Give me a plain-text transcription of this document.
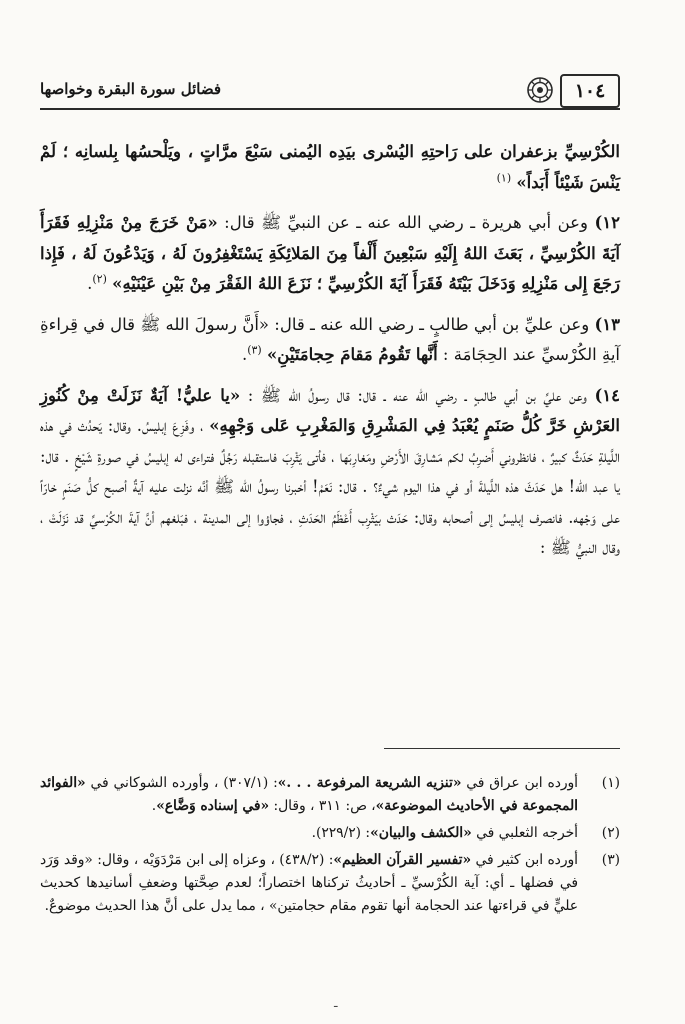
١٠٤
فضائل سورة البقرة وخواصها

الكُرْسِيِّ بزعفران على رَاحتِهِ اليُسْرى بيَدِه اليُمنى سَبْعَ مرَّاتٍ ، ويَلْحسُها بِلسانِه ؛ لَمْ يَنْسَ شَيْئاً أَبَداً» $^{(١)}$

١٢) وعن أبي هريرة ـ رضي الله عنه ـ عن النبيِّ ﷺ قال: «مَنْ خَرَجَ مِنْ مَنْزِلِهِ فَقَرَأَ آيَةَ الكُرْسِيِّ ، بَعَثَ اللهُ إِلَيْهِ سَبْعِينَ أَلْفاً مِنَ المَلائِكَةِ يَسْتَغْفِرُونَ لَهُ ، وَيَدْعُونَ لَهُ ، فَإِذا رَجَعَ إِلى مَنْزِلِهِ وَدَخَلَ بَيْتَهُ فَقَرَأَ آيَةَ الكُرْسِيِّ ؛ نَزَعَ اللهُ الفَقْرَ مِنْ بَيْنِ عَيْنَيْهِ» $^{(٢)}$.

١٣) وعن عليِّ بن أبي طالبٍ ـ رضي الله عنه ـ قال: «أَنَّ رسولَ الله ﷺ قال في قِراءةِ آيةِ الكُرْسيِّ عند الحِجَامَة : أَنَّها تَقُومُ مَقامَ حِجامَتَيْنِ» $^{(٣)}$.

١٤) وعن عليِّ بن أبي طالبٍ ـ رضي الله عنه ـ قال: قال رسولُ الله ﷺ : «يا عليُّ! آيَةٌ نَزَلَتْ مِنْ كُنُوزِ العَرْشِ خَرَّ كُلُّ صَنَمٍ يُعْبَدُ فِي المَشْرِقِ وَالمَغْرِبِ عَلى وَجْهِهِ» ، وفَزِعَ إبليسُ. وقال: يَحدُث في هذه اللَّيلةِ حَدَثٌ كبيرٌ ، فانظروني أَضرِبُ لكم مَشارِقَ الأَرْضِ ومَغارِبَها ، فأتى يَثْرِبَ فاستقبله رَجُلٌ فتراءى له إبليسُ في صورةِ شَيْخٍ . قال: يا عبد الله! هل حَدَثَ هذه اللَّيلةَ أو في هذا اليوم شيءٌ؟ . قال: نَعَمْ! أخبرنا رسولُ الله ﷺ أنَّه نزلت عليه آيةٌ أصبح كلُّ صَنَمٍ خارّاً على وَجْهه. فانصرف إبليسُ إلى أصحابه وقال: حَدَث بيَثْرِب أَعْظَمُ الحَدَثِ ، فجاؤوا إلى المدينة ، فبَلغهم أنَّ آيةَ الكُرْسيِّ قد نَزَلَتْ ، وقال النبيُّ ﷺ :

(١)
أورده ابن عراق في «تنزيه الشريعة المرفوعة . . .»: (٣٠٧/١) ، وأورده الشوكاني في «الفوائد المجموعة في الأحاديث الموضوعة»، ص: ٣١١ ، وقال: «في إسناده وَضَّاع».
(٢)
أخرجه الثعلبي في «الكشف والبيان»: (٢٢٩/٢).
(٣)
أورده ابن كثير في «تفسير القرآن العظيم»: (٤٣٨/٢) ، وعزاه إلى ابن مَرْدَوَيْه ، وقال: «وقد وَرَد في فضلها ـ أي: آية الكُرْسيِّ ـ أحاديثُ تركناها اختصاراً؛ لعدم صِحَّتها وضعفِ أسانيدها كحديث عليٍّ في قراءتها عند الحجامة أنها تقوم مقام حجامتين» ، مما يدل على أنَّ هذا الحديث موضوعٌ.
ـ
